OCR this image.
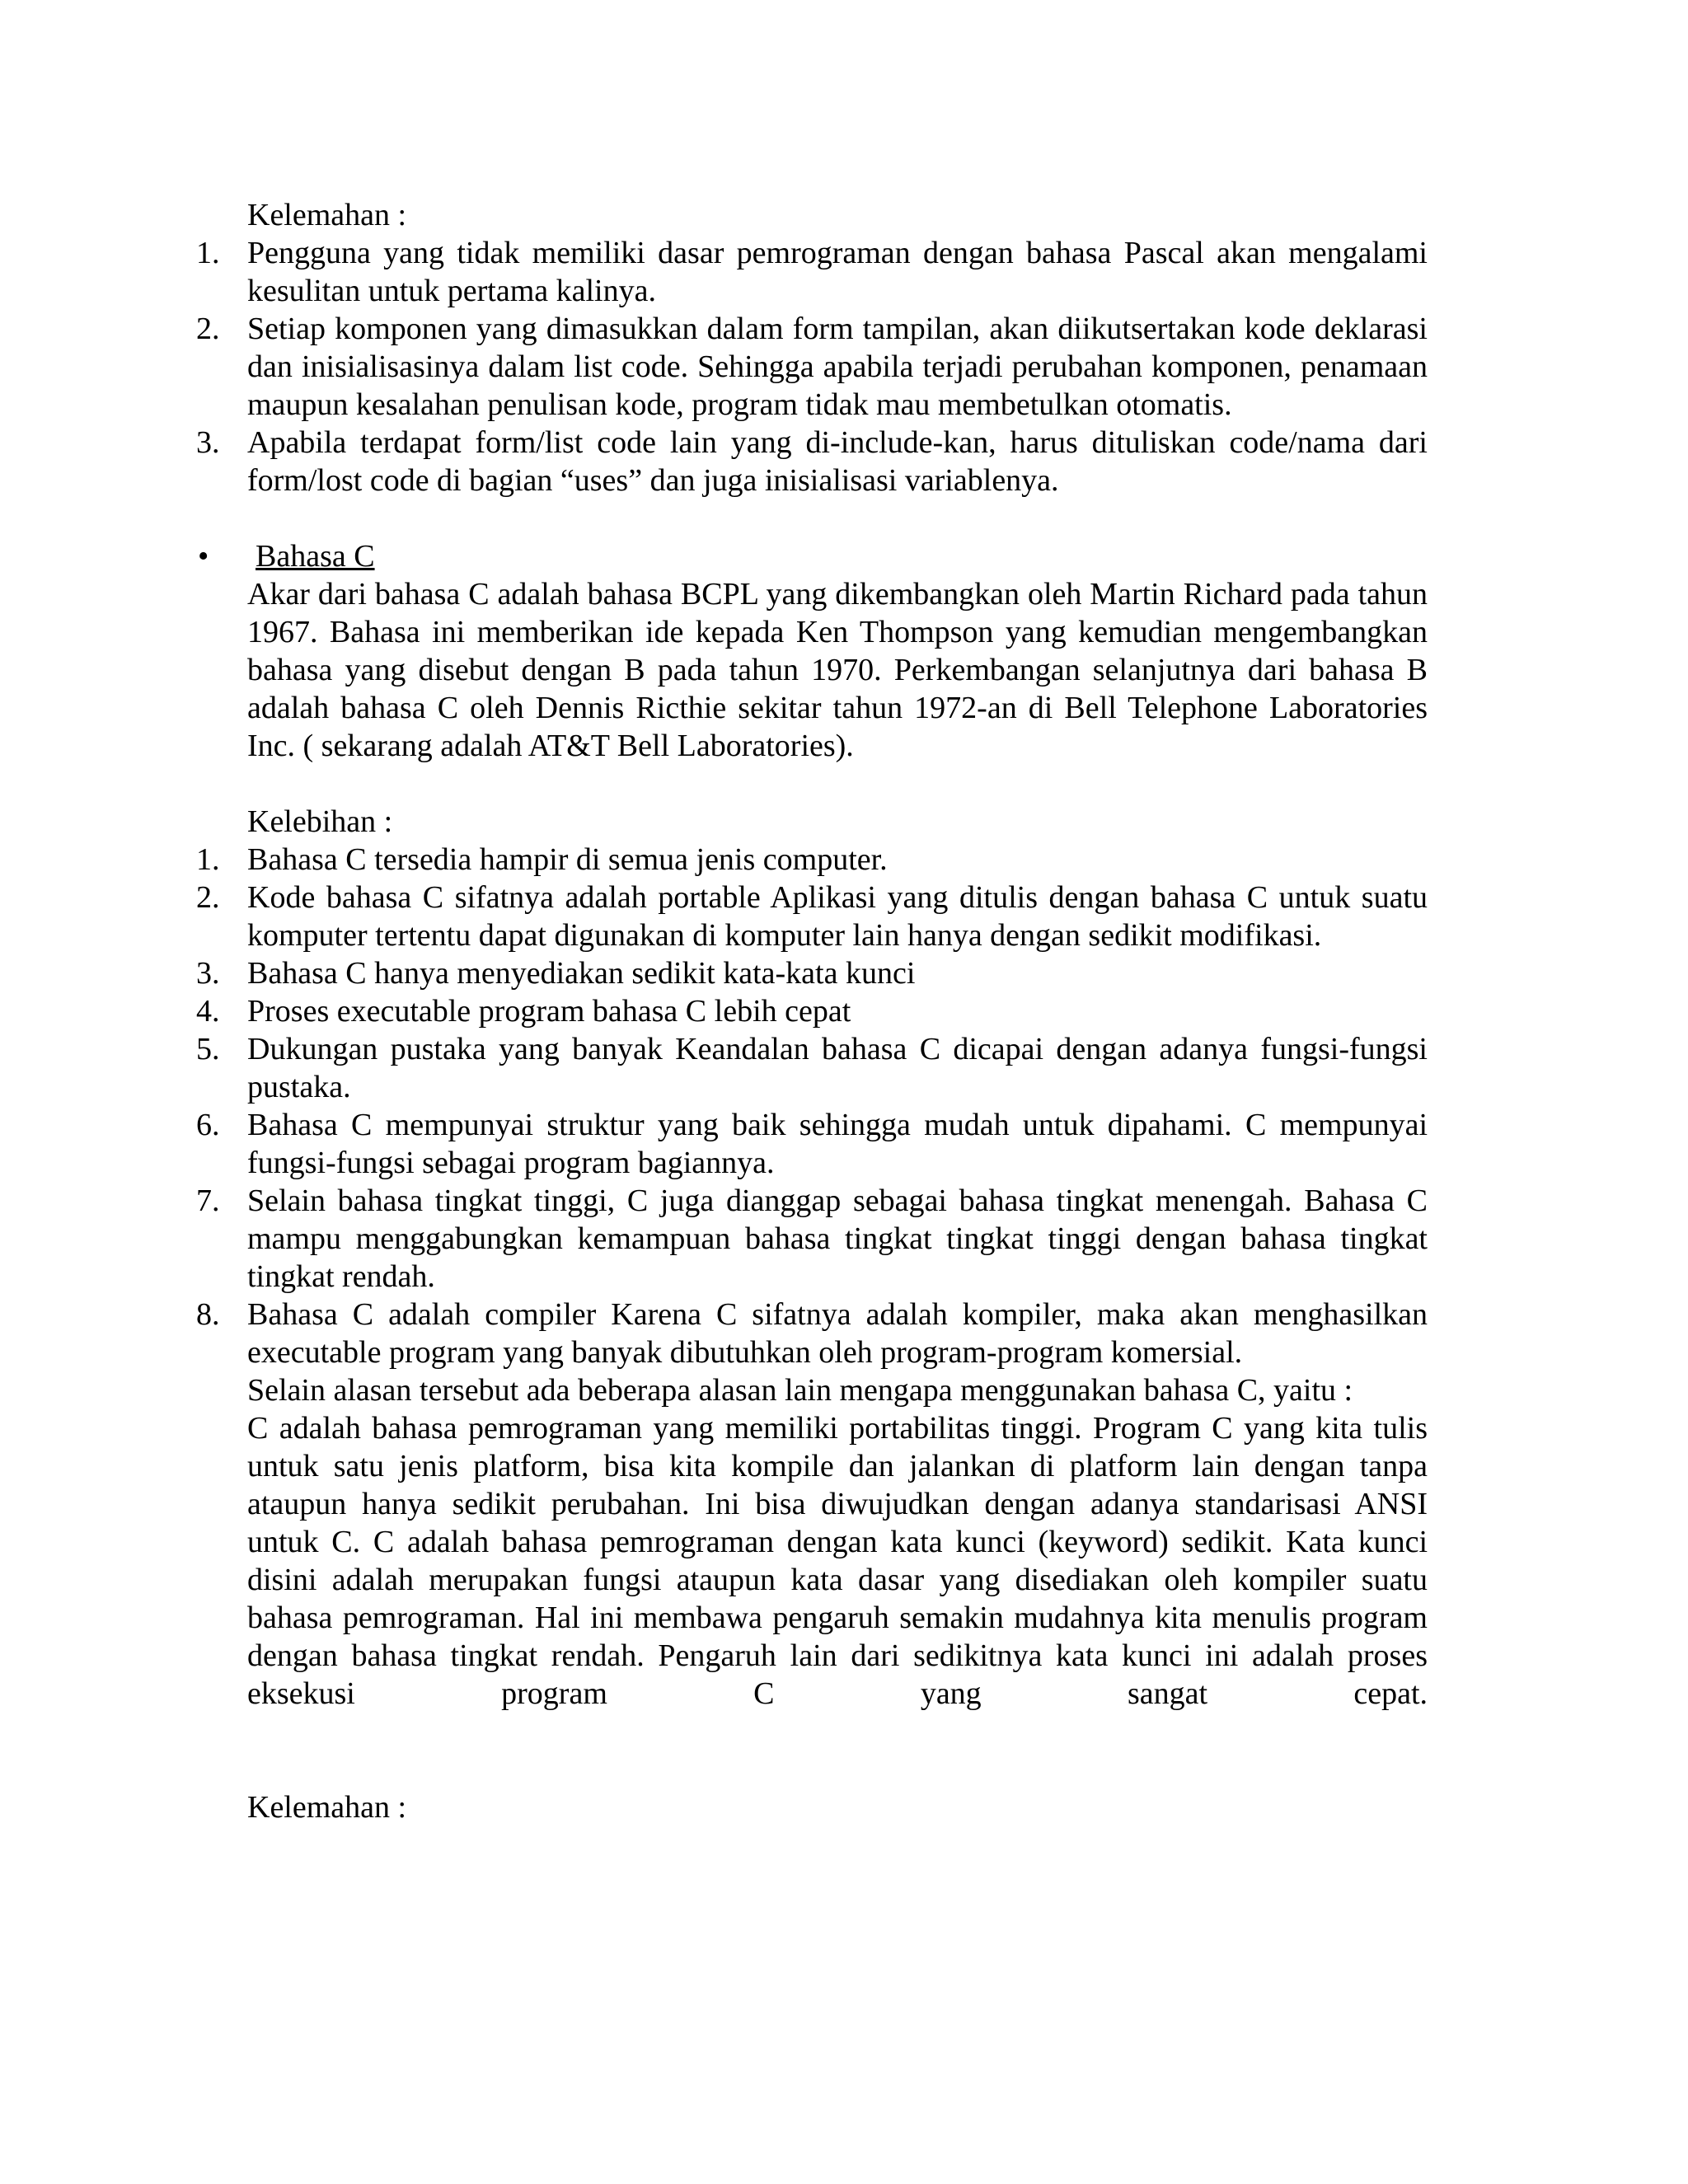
Kelemahan :

1. Pengguna yang tidak memiliki dasar pemrograman dengan bahasa Pascal akan mengalami kesulitan untuk pertama kalinya.
2. Setiap komponen yang dimasukkan dalam form tampilan, akan diikutsertakan kode deklarasi dan inisialisasinya dalam list code. Sehingga apabila terjadi perubahan komponen, penamaan maupun kesalahan penulisan kode, program tidak mau membetulkan otomatis.
3. Apabila terdapat form/list code lain yang di-include-kan, harus dituliskan code/nama dari form/lost code di bagian “uses” dan juga inisialisasi variablenya.
• Bahasa C

Akar dari bahasa C adalah bahasa BCPL yang dikembangkan oleh Martin Richard pada tahun 1967. Bahasa ini memberikan ide kepada Ken Thompson yang kemudian mengembangkan bahasa yang disebut dengan B pada tahun 1970. Perkembangan selanjutnya dari bahasa B adalah bahasa C oleh Dennis Ricthie sekitar tahun 1972-an di Bell Telephone Laboratories Inc. ( sekarang adalah AT&T Bell Laboratories).

Kelebihan :

1. Bahasa C tersedia hampir di semua jenis computer.
2. Kode bahasa C sifatnya adalah portable Aplikasi yang ditulis dengan bahasa C untuk suatu komputer tertentu dapat digunakan di komputer lain hanya dengan sedikit modifikasi.
3. Bahasa C hanya menyediakan sedikit kata-kata kunci
4. Proses executable program bahasa C lebih cepat
5. Dukungan pustaka yang banyak Keandalan bahasa C dicapai dengan adanya fungsi-fungsi pustaka.
6. Bahasa C mempunyai struktur yang baik sehingga mudah untuk dipahami. C mempunyai fungsi-fungsi sebagai program bagiannya.
7. Selain bahasa tingkat tinggi, C juga dianggap sebagai bahasa tingkat menengah. Bahasa C mampu menggabungkan kemampuan bahasa tingkat tingkat tinggi dengan bahasa tingkat tingkat rendah.
8. Bahasa C adalah compiler Karena C sifatnya adalah kompiler, maka akan menghasilkan executable program yang banyak dibutuhkan oleh program-program komersial.

Selain alasan tersebut ada beberapa alasan lain mengapa menggunakan bahasa C, yaitu :

C adalah bahasa pemrograman yang memiliki portabilitas tinggi. Program C yang kita tulis untuk satu jenis platform, bisa kita kompile dan jalankan di platform lain dengan tanpa ataupun hanya sedikit perubahan. Ini bisa diwujudkan dengan adanya standarisasi ANSI untuk C. C adalah bahasa pemrograman dengan kata kunci (keyword) sedikit. Kata kunci disini adalah merupakan fungsi ataupun kata dasar yang disediakan oleh kompiler suatu bahasa pemrograman. Hal ini membawa pengaruh semakin mudahnya kita menulis program dengan bahasa tingkat rendah. Pengaruh lain dari sedikitnya kata kunci ini adalah proses eksekusi program C yang sangat cepat.

Kelemahan :
